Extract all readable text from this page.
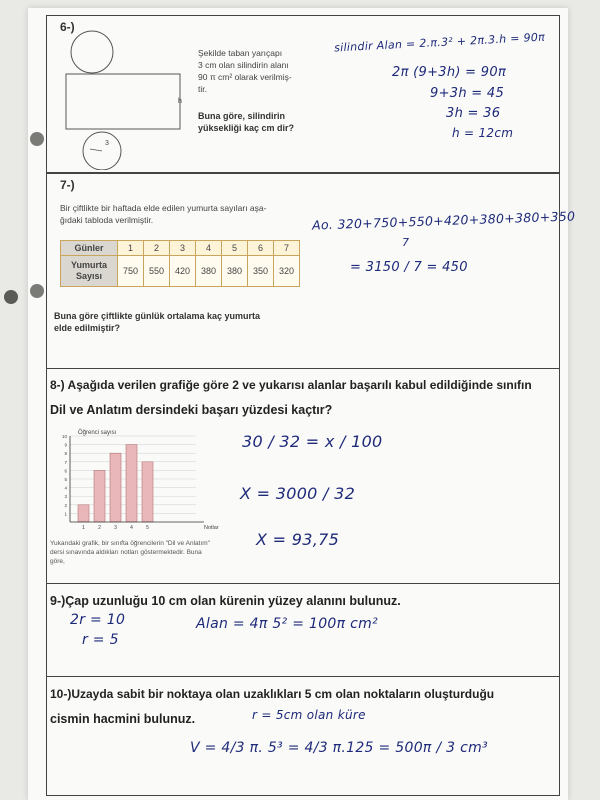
6-)
3
h
Şekilde taban yarıçapı
3 cm olan silindirin alanı
90 π cm² olarak verilmiş-
tir.
Buna göre, silindirin
yüksekliği kaç cm dir?
silindir Alan = 2.π.3² + 2π.3.h = 90π
2π (9+3h) = 90π
9+3h = 45
3h = 36
h = 12cm
7-)
Bir çiftlikte bir haftada elde edilen yumurta sayıları aşa-
ğıdaki tabloda verilmiştir.
Günler	1	2	3	4	5	6	7
Yumurta Sayısı	750	550	420	380	380	350	320
Buna göre çiftlikte günlük ortalama kaç yumurta
elde edilmiştir?
Ao. 320+750+550+420+380+380+350
7
= 3150 / 7 = 450
8-) Aşağıda verilen grafiğe göre 2 ve yukarısı alanlar başarılı kabul edildiğinde sınıfın
Dil ve Anlatım dersindeki başarı yüzdesi kaçtır?
1
2
3
4
5
6
7
8
9
10
1	2	3	4	5
Öğrenci sayısı
Notlar
Yukarıdaki grafik, bir sınıfta öğrencilerin "Dil ve Anlatım"
dersi sınavında aldıkları notları göstermektedir. Buna
göre,
30 / 32 = x / 100
X = 3000 / 32
X = 93,75
9-)Çap uzunluğu 10 cm olan kürenin yüzey alanını bulunuz.
2r = 10
r = 5
Alan = 4π 5² = 100π cm²
10-)Uzayda sabit bir noktaya olan uzaklıkları 5 cm olan noktaların oluşturduğu
cismin hacmini bulunuz.	r = 5cm olan küre
V = 4/3 π. 5³ = 4/3 π.125 = 500π / 3 cm³
